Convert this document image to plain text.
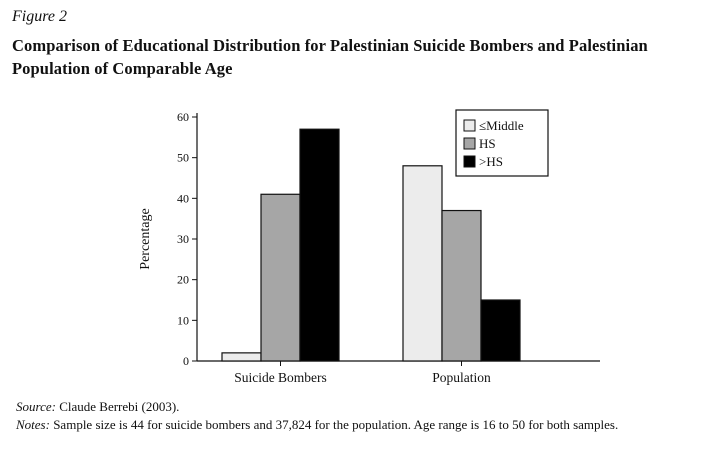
Figure 2
Comparison of Educational Distribution for Palestinian Suicide Bombers and Palestinian Population of Comparable Age
0
10
20
30
40
50
60
Percentage
Suicide Bombers	Population
≤Middle
HS
>HS
Source: Claude Berrebi (2003).
Notes: Sample size is 44 for suicide bombers and 37,824 for the population. Age range is 16 to 50 for both samples.
